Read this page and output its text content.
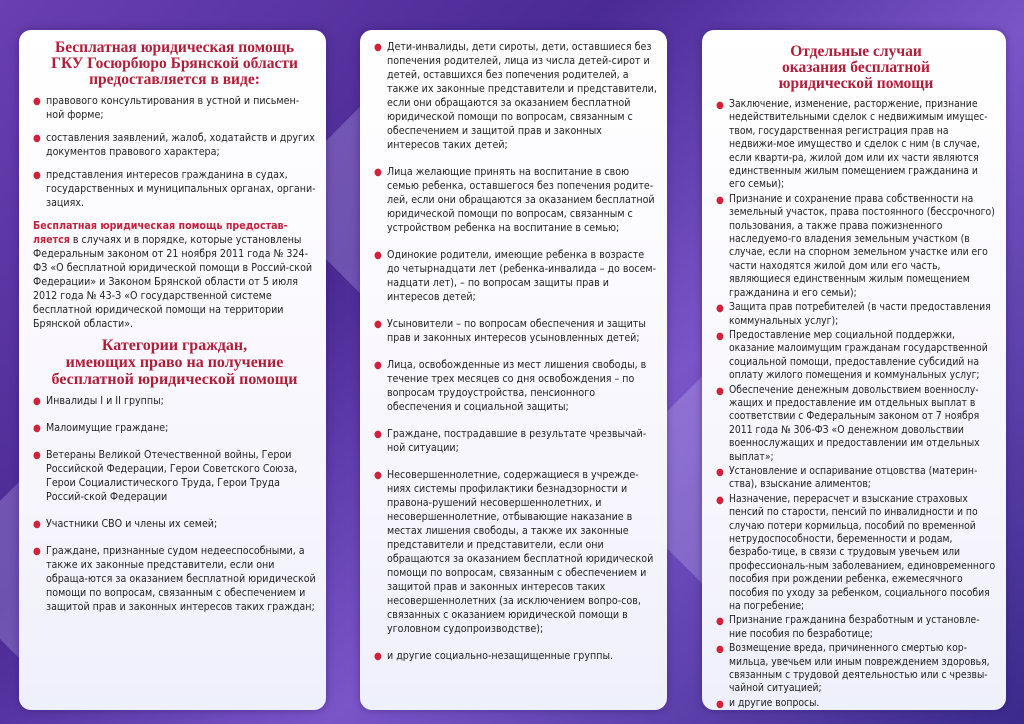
Бесплатная юридическая помощь
ГКУ Госюрбюро Брянской области
предоставляется в виде:
● правового консультирования в устной и письмен-ной форме;
● составления заявлений, жалоб, ходатайств и других документов правового характера;
● представления интересов гражданина в судах, государственных и муниципальных органах, органи-зациях.

Бесплатная юридическая помощь предостав-ляется в случаях и в порядке, которые установлены Федеральным законом от 21 ноября 2011 года № 324-ФЗ «О бесплатной юридической помощи в Россий-ской Федерации» и Законом Брянской области от 5 июля 2012 года № 43-З «О государственной системе бесплатной юридической помощи на территории Брянской области».

Категории граждан,
имеющих право на получение
бесплатной юридической помощи
● Инвалиды I и II группы;
● Малоимущие граждане;
● Ветераны Великой Отечественной войны, Герои Российской Федерации, Герои Советского Союза, Герои Социалистического Труда, Герои Труда Россий-ской Федерации
● Участники СВО и члены их семей;
● Граждане, признанные судом недееспособными, а также их законные представители, если они обраща-ются за оказанием бесплатной юридической помощи по вопросам, связанным с обеспечением и защитой прав и законных интересов таких граждан;
● Дети-инвалиды, дети сироты, дети, оставшиеся без попечения родителей, лица из числа детей-сирот и детей, оставшихся без попечения родителей, а также их законные представители и представители, если они обращаются за оказанием бесплатной юридической помощи по вопросам, связанным с обеспечением и защитой прав и законных интересов таких детей;
● Лица желающие принять на воспитание в свою семью ребенка, оставшегося без попечения родите-лей, если они обращаются за оказанием бесплатной юридической помощи по вопросам, связанным с устройством ребенка на воспитание в семью;
● Одинокие родители, имеющие ребенка в возрасте до четырнадцати лет (ребенка-инвалида – до восем-надцати лет), – по вопросам защиты прав и интересов детей;
● Усыновители – по вопросам обеспечения и защиты прав и законных интересов усыновленных детей;
● Лица, освобожденные из мест лишения свободы, в течение трех месяцев со дня освобождения – по вопросам трудоустройства, пенсионного обеспечения и социальной защиты;
● Граждане, пострадавшие в результате чрезвычай-ной ситуации;
● Несовершеннолетние, содержащиеся в учрежде-ниях системы профилактики безнадзорности и правона-рушений несовершеннолетних, и несовершеннолетние, отбывающие наказание в местах лишения свободы, а также их законные представители и представители, если они обращаются за оказанием бесплатной юридической помощи по вопросам, связанным с обеспечением и защитой прав и законных интересов таких несовершеннолетних (за исключением вопро-сов, связанных с оказанием юридической помощи в уголовном судопроизводстве);
● и другие социально-незащищенные группы.
Отдельные случаи
оказания бесплатной
юридической помощи
● Заключение, изменение, расторжение, признание недействительными сделок с недвижимым имущес-твом, государственная регистрация прав на недвижи-мое имущество и сделок с ним (в случае, если кварти-ра, жилой дом или их части являются единственным жилым помещением гражданина и его семьи);
● Признание и сохранение права собственности на земельный участок, права постоянного (бессрочного) пользования, а также права пожизненного наследуемо-го владения земельным участком (в случае, если на спорном земельном участке или его части находятся жилой дом или его часть, являющиеся единственным жилым помещением гражданина и его семьи);
● Защита прав потребителей (в части предоставления коммунальных услуг);
● Предоставление мер социальной поддержки, оказание малоимущим гражданам государственной социальной помощи, предоставление субсидий на оплату жилого помещения и коммунальных услуг;
● Обеспечение денежным довольствием военнослу-жащих и предоставление им отдельных выплат в соответствии с Федеральным законом от 7 ноября 2011 года № 306-ФЗ «О денежном довольствии военнослужащих и предоставлении им отдельных выплат»;
● Установление и оспаривание отцовства (материн-ства), взыскание алиментов;
● Назначение, перерасчет и взыскание страховых пенсий по старости, пенсий по инвалидности и по случаю потери кормильца, пособий по временной нетрудоспособности, беременности и родам, безрабо-тице, в связи с трудовым увечьем или профессиональ-ным заболеванием, единовременного пособия при рождении ребенка, ежемесячного пособия по уходу за ребенком, социального пособия на погребение;
● Признание гражданина безработным и установле-ние пособия по безработице;
● Возмещение вреда, причиненного смертью кор-мильца, увечьем или иным повреждением здоровья, связанным с трудовой деятельностью или с чрезвы-чайной ситуацией;
● и другие вопросы.
